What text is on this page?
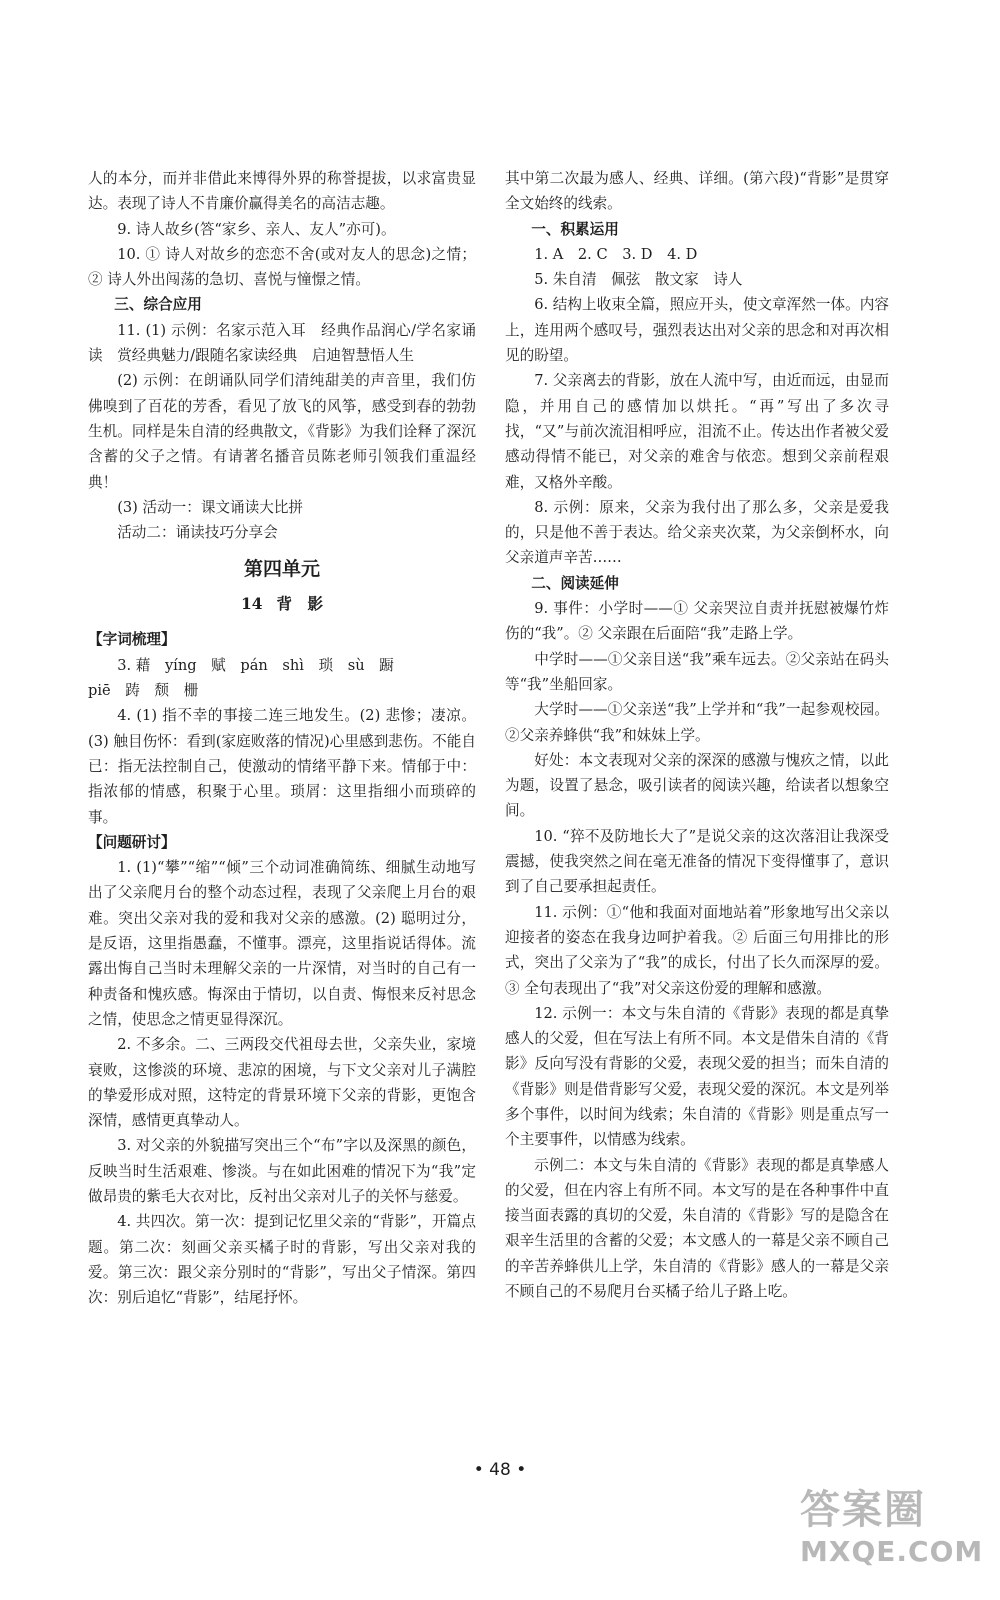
人的本分，而并非借此来博得外界的称誉提拔，以求富贵显达。表现了诗人不肯廉价赢得美名的高洁志趣。

9. 诗人故乡(答“家乡、亲人、友人”亦可)。

10. ① 诗人对故乡的恋恋不舍(或对友人的思念)之情；② 诗人外出闯荡的急切、喜悦与憧憬之情。

三、综合应用

11. (1) 示例：名家示范入耳　经典作品润心/学名家诵读　赏经典魅力/跟随名家读经典　启迪智慧悟人生

(2) 示例：在朗诵队同学们清纯甜美的声音里，我们仿佛嗅到了百花的芳香，看见了放飞的风筝，感受到春的勃勃生机。同样是朱自清的经典散文，《背影》为我们诠释了深沉含蓄的父子之情。有请著名播音员陈老师引领我们重温经典！

(3) 活动一：课文诵读大比拼

活动二：诵读技巧分享会

第四单元
14 背　影

【字词梳理】

3. 藉　yíng　赋　pán　shì　琐　sù　蹰

piē　踌　颓　栅

4. (1) 指不幸的事接二连三地发生。(2) 悲惨；凄凉。(3) 触目伤怀：看到(家庭败落的情况)心里感到悲伤。不能自已：指无法控制自己，使激动的情绪平静下来。情郁于中：指浓郁的情感，积聚于心里。琐屑：这里指细小而琐碎的事。

【问题研讨】

1. (1)“攀”“缩”“倾”三个动词准确简练、细腻生动地写出了父亲爬月台的整个动态过程，表现了父亲爬上月台的艰难。突出父亲对我的爱和我对父亲的感激。(2) 聪明过分，是反语，这里指愚蠢，不懂事。漂亮，这里指说话得体。流露出悔自己当时未理解父亲的一片深情，对当时的自己有一种责备和愧疚感。悔深由于情切，以自责、悔恨来反衬思念之情，使思念之情更显得深沉。

2. 不多余。二、三两段交代祖母去世，父亲失业，家境衰败，这惨淡的环境、悲凉的困境，与下文父亲对儿子满腔的挚爱形成对照，这特定的背景环境下父亲的背影，更饱含深情，感情更真挚动人。

3. 对父亲的外貌描写突出三个“布”字以及深黑的颜色，反映当时生活艰难、惨淡。与在如此困难的情况下为“我”定做昂贵的紫毛大衣对比，反衬出父亲对儿子的关怀与慈爱。

4. 共四次。第一次：提到记忆里父亲的“背影”，开篇点题。第二次：刻画父亲买橘子时的背影，写出父亲对我的爱。第三次：跟父亲分别时的“背影”，写出父子情深。第四次：别后追忆“背影”，结尾抒怀。

其中第二次最为感人、经典、详细。(第六段)“背影”是贯穿全文始终的线索。

一、积累运用

1. A　2. C　3. D　4. D

5. 朱自清　佩弦　散文家　诗人

6. 结构上收束全篇，照应开头，使文章浑然一体。内容上，连用两个感叹号，强烈表达出对父亲的思念和对再次相见的盼望。

7. 父亲离去的背影，放在人流中写，由近而远，由显而隐，并用自己的感情加以烘托。“再”写出了多次寻找，“又”与前次流泪相呼应，泪流不止。传达出作者被父爱感动得情不能已，对父亲的难舍与依恋。想到父亲前程艰难，又格外辛酸。

8. 示例：原来，父亲为我付出了那么多，父亲是爱我的，只是他不善于表达。给父亲夹次菜，为父亲倒杯水，向父亲道声辛苦……

二、阅读延伸

9. 事件：小学时——① 父亲哭泣自责并抚慰被爆竹炸伤的“我”。② 父亲跟在后面陪“我”走路上学。

中学时——①父亲目送“我”乘车远去。②父亲站在码头等“我”坐船回家。

大学时——①父亲送“我”上学并和“我”一起参观校园。②父亲养蜂供“我”和妹妹上学。

好处：本文表现对父亲的深深的感激与愧疚之情，以此为题，设置了悬念，吸引读者的阅读兴趣，给读者以想象空间。

10. “猝不及防地长大了”是说父亲的这次落泪让我深受震撼，使我突然之间在毫无准备的情况下变得懂事了，意识到了自己要承担起责任。

11. 示例：①“他和我面对面地站着”形象地写出父亲以迎接者的姿态在我身边呵护着我。② 后面三句用排比的形式，突出了父亲为了“我”的成长，付出了长久而深厚的爱。③ 全句表现出了“我”对父亲这份爱的理解和感激。

12. 示例一：本文与朱自清的《背影》表现的都是真挚感人的父爱，但在写法上有所不同。本文是借朱自清的《背影》反向写没有背影的父爱，表现父爱的担当；而朱自清的《背影》则是借背影写父爱，表现父爱的深沉。本文是列举多个事件，以时间为线索；朱自清的《背影》则是重点写一个主要事件，以情感为线索。

示例二：本文与朱自清的《背影》表现的都是真挚感人的父爱，但在内容上有所不同。本文写的是在各种事件中直接当面表露的真切的父爱，朱自清的《背影》写的是隐含在艰辛生活里的含蓄的父爱；本文感人的一幕是父亲不顾自己的辛苦养蜂供儿上学，朱自清的《背影》感人的一幕是父亲不顾自己的不易爬月台买橘子给儿子路上吃。

• 48 •
答案圈
MXQE.COM
